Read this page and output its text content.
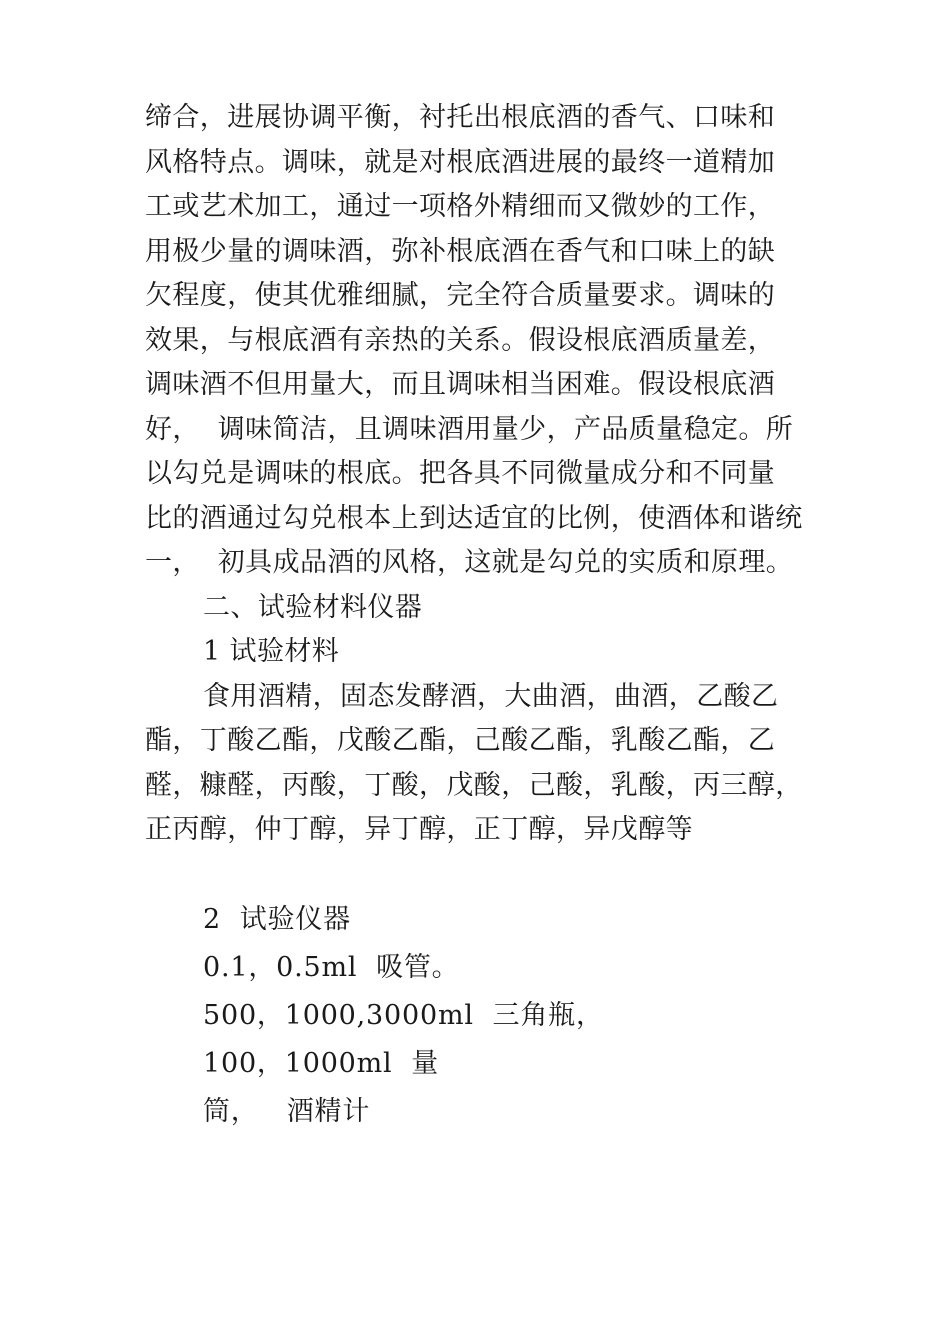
缔合，进展协调平衡，衬托出根底酒的香气、口味和
风格特点。调味，就是对根底酒进展的最终一道精加
工或艺术加工，通过一项格外精细而又微妙的工作，
用极少量的调味酒，弥补根底酒在香气和口味上的缺
欠程度，使其优雅细腻，完全符合质量要求。调味的
效果，与根底酒有亲热的关系。假设根底酒质量差，
调味酒不但用量大，而且调味相当困难。假设根底酒
好，  调味简洁，且调味酒用量少，产品质量稳定。所
以勾兑是调味的根底。把各具不同微量成分和不同量
比的酒通过勾兑根本上到达适宜的比例，使酒体和谐统
一，  初具成品酒的风格，这就是勾兑的实质和原理。
二、试验材料仪器
1 试验材料
食用酒精，固态发酵酒，大曲酒，曲酒，乙酸乙
酯，丁酸乙酯，戊酸乙酯，己酸乙酯，乳酸乙酯，乙
醛，糠醛，丙酸，丁酸，戊酸，己酸，乳酸，丙三醇，
正丙醇，仲丁醇，异丁醇，正丁醇，异戊醇等
2  试验仪器
0.1，0.5ml  吸管。
500，1000,3000ml  三角瓶，
100，1000ml  量
筒，   酒精计
